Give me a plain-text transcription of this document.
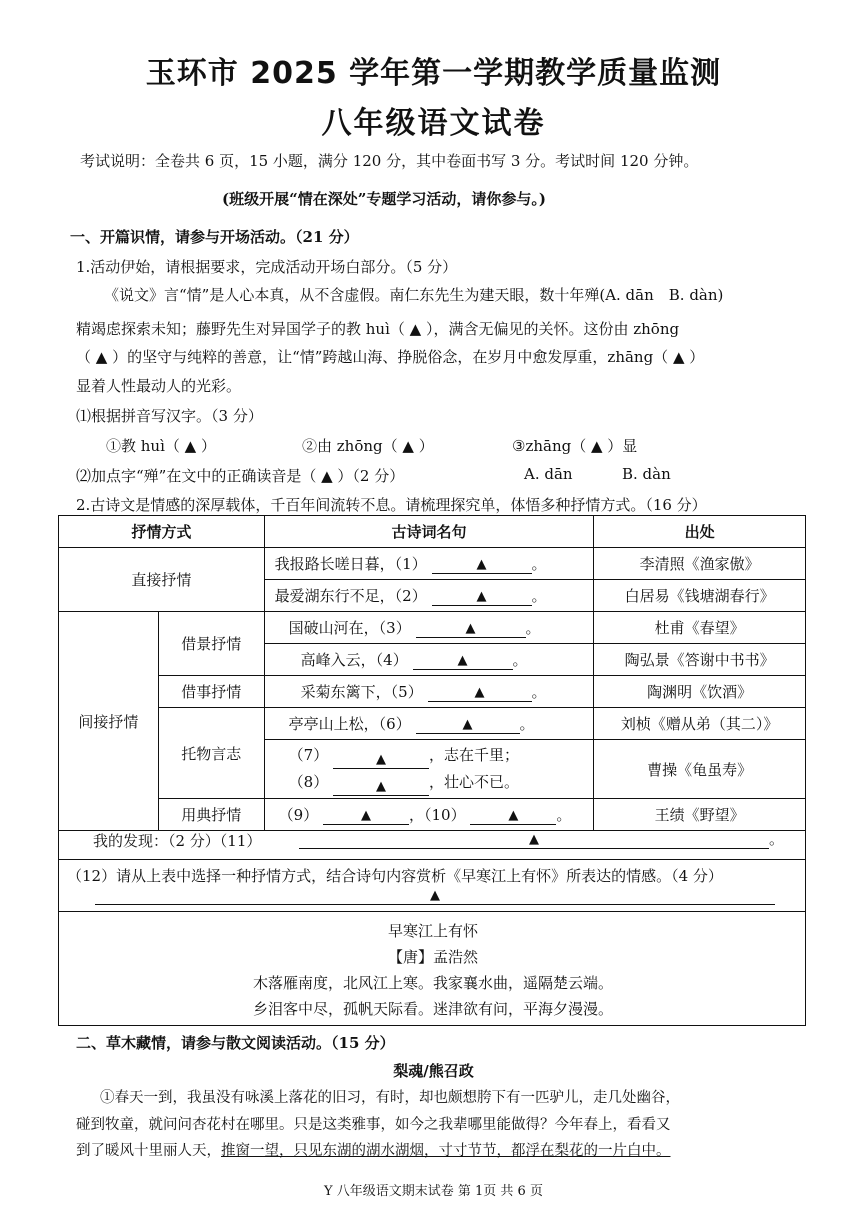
玉环市 2025 学年第一学期教学质量监测
八年级语文试卷
考试说明：全卷共 6 页，15 小题，满分 120 分，其中卷面书写 3 分。考试时间 120 分钟。
(班级开展“情在深处”专题学习活动，请你参与。)
一、开篇识情，请参与开场活动。（21 分）
1.活动伊始，请根据要求，完成活动开场白部分。（5 分）
《说文》言“情”是人心本真，从不含虚假。南仁东先生为建天眼，数十年殚(A. dān　B. dàn)
精竭虑探索未知；藤野先生对异国学子的教 huì（ ▲ ），满含无偏见的关怀。这份由 zhōng
（ ▲ ）的坚守与纯粹的善意，让“情”跨越山海、挣脱俗念，在岁月中愈发厚重，zhāng（ ▲ ）
显着人性最动人的光彩。
⑴根据拼音写汉字。（3 分）
①教 huì（ ▲ ）	②由 zhōng（ ▲ ）	③zhāng（ ▲ ）显
⑵加点字“殚”在文中的正确读音是（ ▲ ）（2 分）	A. dān	B. dàn
2.古诗文是情感的深厚载体，千百年间流转不息。请梳理探究单，体悟多种抒情方式。（16 分）
抒情方式		古诗词名句	出处
直接抒情		我报路长嗟日暮，（1） ▲ 。	李清照《渔家傲》
		最爱湖东行不足，（2） ▲ 。	白居易《钱塘湖春行》
间接抒情	借景抒情	国破山河在，（3） ▲ 。	杜甫《春望》
		高峰入云，（4） ▲ 。	陶弘景《答谢中书书》
	借事抒情	采菊东篱下，（5） ▲ 。	陶渊明《饮酒》
	托物言志	亭亭山上松，（6） ▲ 。	刘桢《赠从弟（其二）》
		（7） ▲ ，志在千里；
（8） ▲ ，壮心不已。	曹操《龟虽寿》
	用典抒情	（9） ▲ ，（10） ▲ 。	王绩《野望》
我的发现：（2 分）（11）	▲	。
（12）请从上表中选择一种抒情方式，结合诗句内容赏析《早寒江上有怀》所表达的情感。（4 分）
▲
早寒江上有怀
【唐】孟浩然
木落雁南度，北风江上寒。我家襄水曲，遥隔楚云端。
乡泪客中尽，孤帆天际看。迷津欲有问，平海夕漫漫。
二、草木藏情，请参与散文阅读活动。（15 分）
梨魂/熊召政
①春天一到，我虽没有咏溪上落花的旧习，有时，却也颇想胯下有一匹驴儿，走几处幽谷，
碰到牧童，就问问杏花村在哪里。只是这类雅事，如今之我辈哪里能做得？今年春上，看看又
到了暖风十里丽人天，推窗一望，只见东湖的湖水湖烟，寸寸节节，都浮在梨花的一片白中。
Y 八年级语文期末试卷 第 1页 共 6 页
